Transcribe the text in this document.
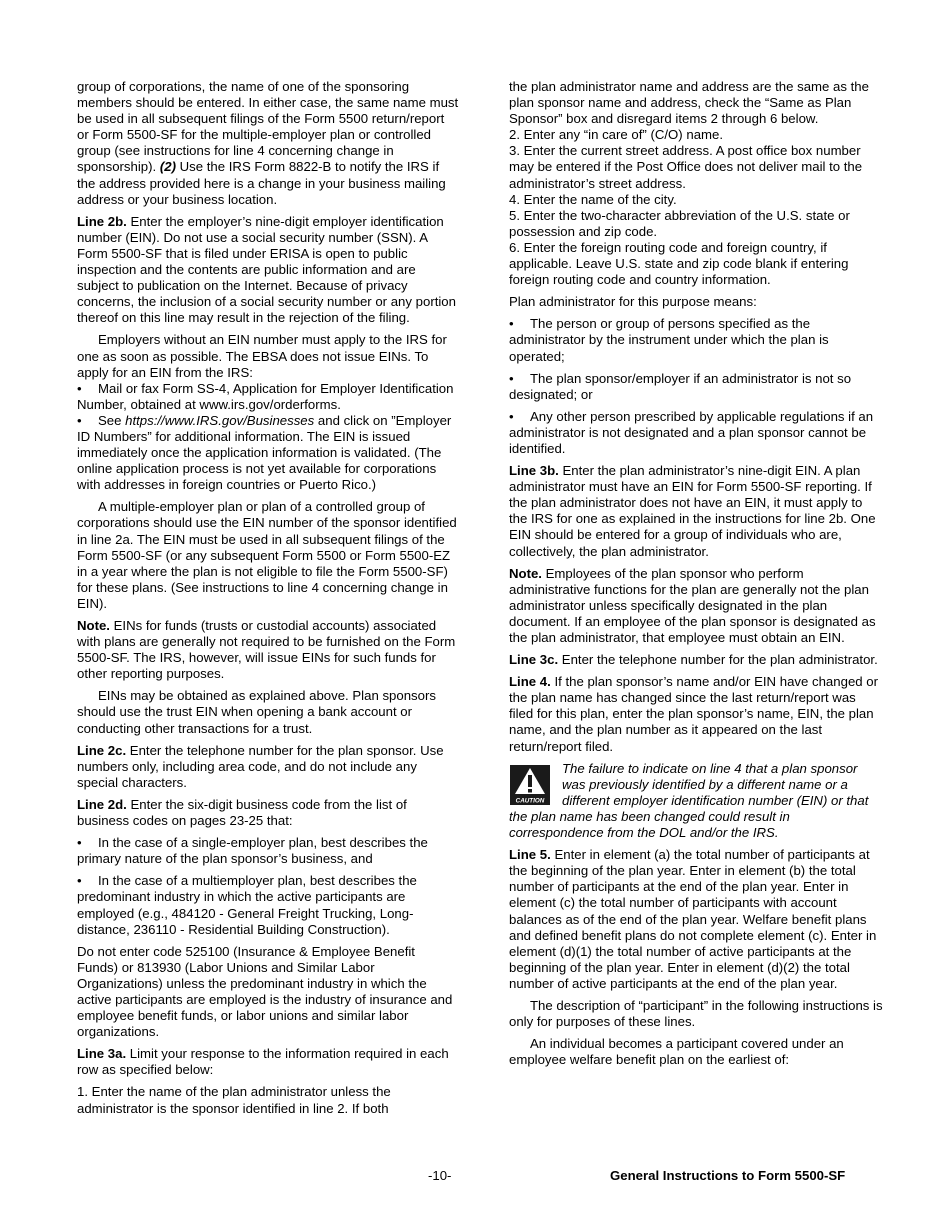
group of corporations, the name of one of the sponsoring members should be entered. In either case, the same name must be used in all subsequent filings of the Form 5500 return/report or Form 5500-SF for the multiple-employer plan or controlled group (see instructions for line 4 concerning change in sponsorship). (2) Use the IRS Form 8822-B to notify the IRS if the address provided here is a change in your business mailing address or your business location.

Line 2b. Enter the employer’s nine-digit employer identification number (EIN). Do not use a social security number (SSN). A Form 5500-SF that is filed under ERISA is open to public inspection and the contents are public information and are subject to publication on the Internet. Because of privacy concerns, the inclusion of a social security number or any portion thereof on this line may result in the rejection of the filing.

Employers without an EIN number must apply to the IRS for one as soon as possible. The EBSA does not issue EINs. To apply for an EIN from the IRS:

• Mail or fax Form SS-4, Application for Employer Identification Number, obtained at www.irs.gov/orderforms.

• See https://www.IRS.gov/Businesses and click on ”Employer ID Numbers” for additional information. The EIN is issued immediately once the application information is validated. (The online application process is not yet available for corporations with addresses in foreign countries or Puerto Rico.)

A multiple-employer plan or plan of a controlled group of corporations should use the EIN number of the sponsor identified in line 2a. The EIN must be used in all subsequent filings of the Form 5500-SF (or any subsequent Form 5500 or Form 5500-EZ in a year where the plan is not eligible to file the Form 5500-SF) for these plans. (See instructions to line 4 concerning change in EIN).

Note. EINs for funds (trusts or custodial accounts) associated with plans are generally not required to be furnished on the Form 5500-SF. The IRS, however, will issue EINs for such funds for other reporting purposes.

EINs may be obtained as explained above. Plan sponsors should use the trust EIN when opening a bank account or conducting other transactions for a trust.

Line 2c. Enter the telephone number for the plan sponsor. Use numbers only, including area code, and do not include any special characters.

Line 2d. Enter the six-digit business code from the list of business codes on pages 23-25 that:

• In the case of a single-employer plan, best describes the primary nature of the plan sponsor’s business, and

• In the case of a multiemployer plan, best describes the predominant industry in which the active participants are employed (e.g., 484120 - General Freight Trucking, Long-distance, 236110 - Residential Building Construction).

Do not enter code 525100 (Insurance & Employee Benefit Funds) or 813930 (Labor Unions and Similar Labor Organizations) unless the predominant industry in which the active participants are employed is the industry of insurance and employee benefit funds, or labor unions and similar labor organizations.

Line 3a. Limit your response to the information required in each row as specified below:

1. Enter the name of the plan administrator unless the administrator is the sponsor identified in line 2. If both

the plan administrator name and address are the same as the plan sponsor name and address, check the “Same as Plan Sponsor” box and disregard items 2 through 6 below.

2. Enter any “in care of” (C/O) name.

3. Enter the current street address. A post office box number may be entered if the Post Office does not deliver mail to the administrator’s street address.

4. Enter the name of the city.

5. Enter the two-character abbreviation of the U.S. state or possession and zip code.

6. Enter the foreign routing code and foreign country, if applicable. Leave U.S. state and zip code blank if entering foreign routing code and country information.

Plan administrator for this purpose means:

• The person or group of persons specified as the administrator by the instrument under which the plan is operated;

• The plan sponsor/employer if an administrator is not so designated; or

• Any other person prescribed by applicable regulations if an administrator is not designated and a plan sponsor cannot be identified.

Line 3b. Enter the plan administrator’s nine-digit EIN. A plan administrator must have an EIN for Form 5500-SF reporting. If the plan administrator does not have an EIN, it must apply to the IRS for one as explained in the instructions for line 2b. One EIN should be entered for a group of individuals who are, collectively, the plan administrator.

Note. Employees of the plan sponsor who perform administrative functions for the plan are generally not the plan administrator unless specifically designated in the plan document. If an employee of the plan sponsor is designated as the plan administrator, that employee must obtain an EIN.

Line 3c. Enter the telephone number for the plan administrator.

Line 4. If the plan sponsor’s name and/or EIN have changed or the plan name has changed since the last return/report was filed for this plan, enter the plan sponsor’s name, EIN, the plan name, and the plan number as it appeared on the last return/report filed.

CAUTION
The failure to indicate on line 4 that a plan sponsor was previously identified by a different name or a different employer identification number (EIN) or that the plan name has been changed could result in correspondence from the DOL and/or the IRS.

Line 5. Enter in element (a) the total number of participants at the beginning of the plan year. Enter in element (b) the total number of participants at the end of the plan year. Enter in element (c) the total number of participants with account balances as of the end of the plan year. Welfare benefit plans and defined benefit plans do not complete element (c). Enter in element (d)(1) the total number of active participants at the beginning of the plan year. Enter in element (d)(2) the total number of active participants at the end of the plan year.

The description of “participant” in the following instructions is only for purposes of these lines.

An individual becomes a participant covered under an employee welfare benefit plan on the earliest of:

-10-	General Instructions to Form 5500-SF
